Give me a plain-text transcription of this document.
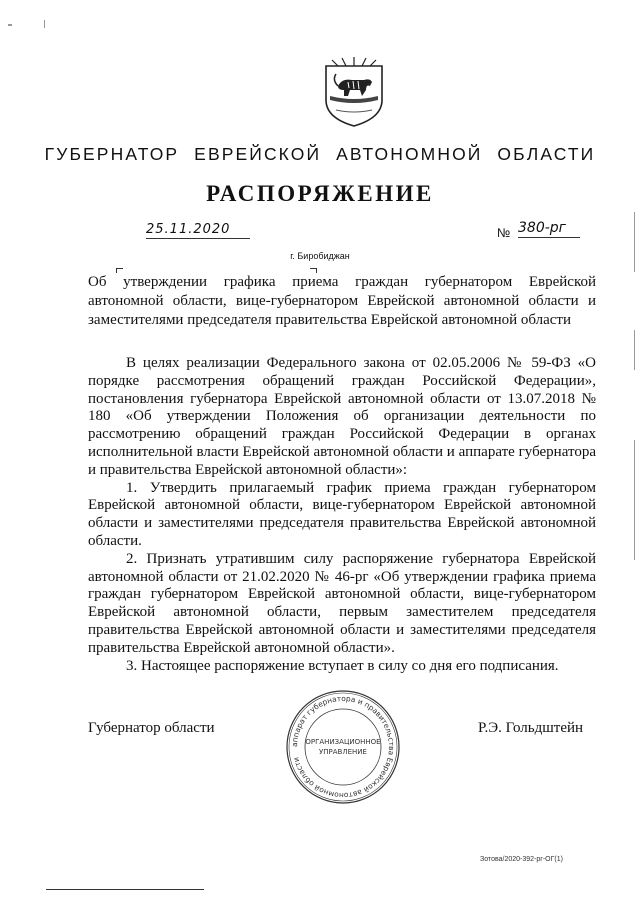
ГУБЕРНАТОР ЕВРЕЙСКОЙ АВТОНОМНОЙ ОБЛАСТИ
РАСПОРЯЖЕНИЕ
25.11.2020	№ 380-рг
г. Биробиджан
Об утверждении графика приема граждан губернатором Еврейской автономной области, вице-губернатором Еврейской автономной области и заместителями председателя правительства Еврейской автономной области

В целях реализации Федерального закона от 02.05.2006 № 59-ФЗ «О порядке рассмотрения обращений граждан Российской Федерации», постановления губернатора Еврейской автономной области от 13.07.2018 № 180 «Об утверждении Положения об организации деятельности по рассмотрению обращений граждан Российской Федерации в органах исполнительной власти Еврейской автономной области и аппарате губернатора и правительства Еврейской автономной области»:

1. Утвердить прилагаемый график приема граждан губернатором Еврейской автономной области, вице-губернатором Еврейской автономной области и заместителями председателя правительства Еврейской автономной области.

2. Признать утратившим силу распоряжение губернатора Еврейской автономной области от 21.02.2020 № 46-рг «Об утверждении графика приема граждан губернатором Еврейской автономной области, вице-губернатором Еврейской автономной области, первым заместителем председателя правительства Еврейской автономной области и заместителями председателя правительства Еврейской автономной области».

3. Настоящее распоряжение вступает в силу со дня его подписания.

Губернатор области	Р.Э. Гольдштейн
аппарат губернатора и правительства Еврейской автономной области
ОРГАНИЗАЦИОННОЕ
УПРАВЛЕНИЕ
Зотова/2020-392-рг-ОГ(1)
